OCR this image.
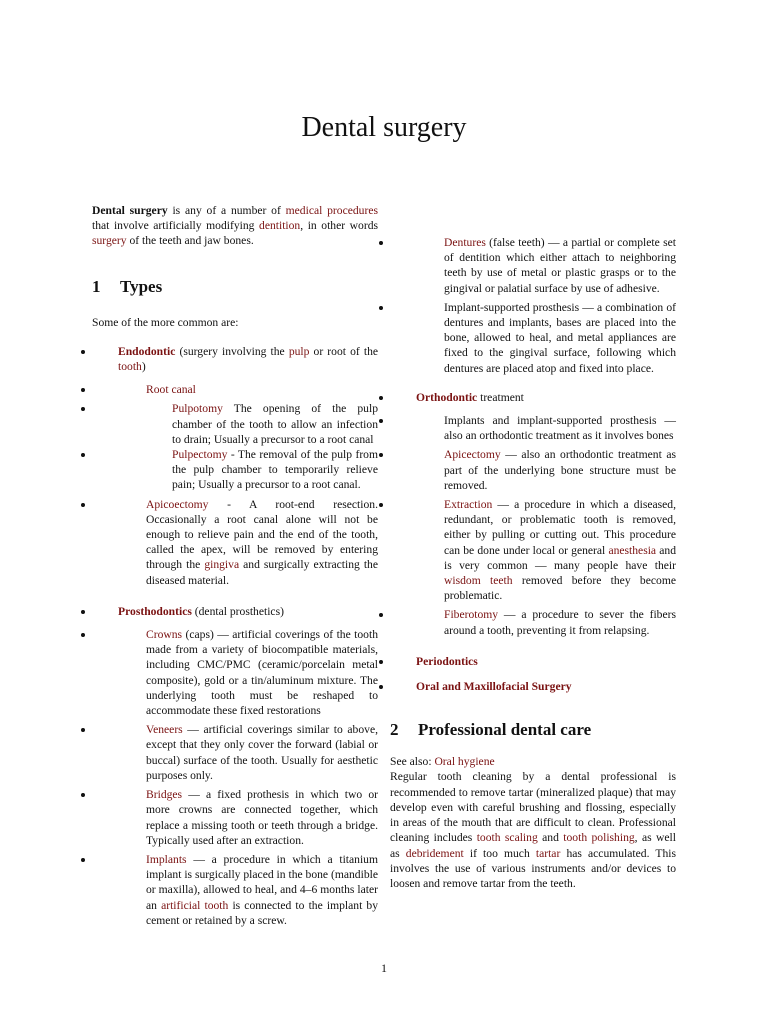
Dental surgery

Dental surgery is any of a number of medical procedures that involve artificially modifying dentition, in other words surgery of the teeth and jaw bones.

1 Types

Some of the more common are:

Endodontic (surgery involving the pulp or root of the tooth)
Root canal
Pulpotomy The opening of the pulp chamber of the tooth to allow an infection to drain; Usually a precursor to a root canal
Pulpectomy - The removal of the pulp from the pulp chamber to temporarily relieve pain; Usually a precursor to a root canal.
Apicoectomy - A root-end resection. Occasionally a root canal alone will not be enough to relieve pain and the end of the tooth, called the apex, will be removed by entering through the gingiva and surgically extracting the diseased material.
Prosthodontics (dental prosthetics)
Crowns (caps) — artificial coverings of the tooth made from a variety of biocompatible materials, including CMC/PMC (ceramic/porcelain metal composite), gold or a tin/aluminum mixture. The underlying tooth must be reshaped to accommodate these fixed restorations
Veneers — artificial coverings similar to above, except that they only cover the forward (labial or buccal) surface of the tooth. Usually for aesthetic purposes only.
Bridges — a fixed prothesis in which two or more crowns are connected together, which replace a missing tooth or teeth through a bridge. Typically used after an extraction.
Implants — a procedure in which a titanium implant is surgically placed in the bone (mandible or maxilla), allowed to heal, and 4–6 months later an artificial tooth is connected to the implant by cement or retained by a screw.
Dentures (false teeth) — a partial or complete set of dentition which either attach to neighboring teeth by use of metal or plastic grasps or to the gingival or palatial surface by use of adhesive.
Implant-supported prosthesis — a combination of dentures and implants, bases are placed into the bone, allowed to heal, and metal appliances are fixed to the gingival surface, following which dentures are placed atop and fixed into place.
Orthodontic treatment
Implants and implant-supported prosthesis — also an orthodontic treatment as it involves bones
Apicectomy — also an orthodontic treatment as part of the underlying bone structure must be removed.
Extraction — a procedure in which a diseased, redundant, or problematic tooth is removed, either by pulling or cutting out. This procedure can be done under local or general anesthesia and is very common — many people have their wisdom teeth removed before they become problematic.
Fiberotomy — a procedure to sever the fibers around a tooth, preventing it from relapsing.
Periodontics
Oral and Maxillofacial Surgery
2 Professional dental care

See also: Oral hygiene

Regular tooth cleaning by a dental professional is recommended to remove tartar (mineralized plaque) that may develop even with careful brushing and flossing, especially in areas of the mouth that are difficult to clean. Professional cleaning includes tooth scaling and tooth polishing, as well as debridement if too much tartar has accumulated. This involves the use of various instruments and/or devices to loosen and remove tartar from the teeth.

1
